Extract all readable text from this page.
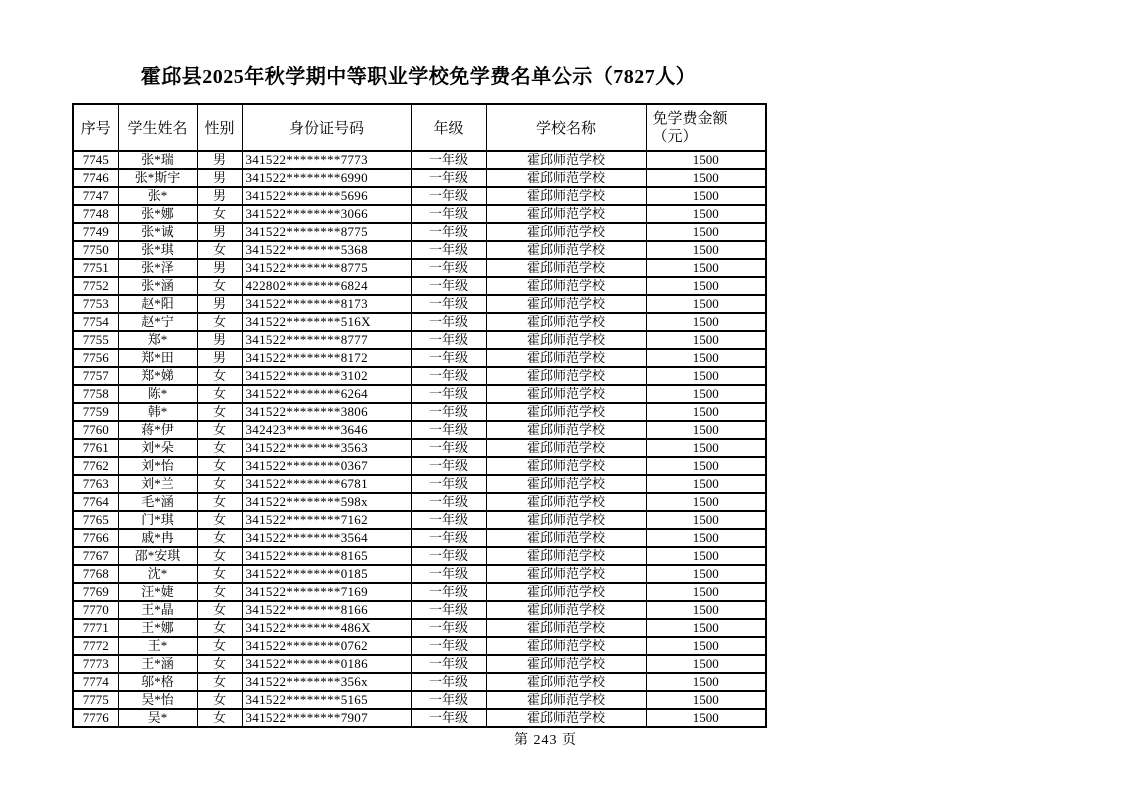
霍邱县2025年秋学期中等职业学校免学费名单公示（7827人）
序号	学生姓名	性别	身份证号码	年级	学校名称	免学费金额
（元）
7745	张*瑞	男	341522********7773	一年级	霍邱师范学校	1500
7746	张*斯宇	男	341522********6990	一年级	霍邱师范学校	1500
7747	张*	男	341522********5696	一年级	霍邱师范学校	1500
7748	张*娜	女	341522********3066	一年级	霍邱师范学校	1500
7749	张*诚	男	341522********8775	一年级	霍邱师范学校	1500
7750	张*琪	女	341522********5368	一年级	霍邱师范学校	1500
7751	张*泽	男	341522********8775	一年级	霍邱师范学校	1500
7752	张*涵	女	422802********6824	一年级	霍邱师范学校	1500
7753	赵*阳	男	341522********8173	一年级	霍邱师范学校	1500
7754	赵*宁	女	341522********516X	一年级	霍邱师范学校	1500
7755	郑*	男	341522********8777	一年级	霍邱师范学校	1500
7756	郑*田	男	341522********8172	一年级	霍邱师范学校	1500
7757	郑*娣	女	341522********3102	一年级	霍邱师范学校	1500
7758	陈*	女	341522********6264	一年级	霍邱师范学校	1500
7759	韩*	女	341522********3806	一年级	霍邱师范学校	1500
7760	蒋*伊	女	342423********3646	一年级	霍邱师范学校	1500
7761	刘*朵	女	341522********3563	一年级	霍邱师范学校	1500
7762	刘*怡	女	341522********0367	一年级	霍邱师范学校	1500
7763	刘*兰	女	341522********6781	一年级	霍邱师范学校	1500
7764	毛*涵	女	341522********598x	一年级	霍邱师范学校	1500
7765	门*琪	女	341522********7162	一年级	霍邱师范学校	1500
7766	戚*冉	女	341522********3564	一年级	霍邱师范学校	1500
7767	邵*安琪	女	341522********8165	一年级	霍邱师范学校	1500
7768	沈*	女	341522********0185	一年级	霍邱师范学校	1500
7769	汪*婕	女	341522********7169	一年级	霍邱师范学校	1500
7770	王*晶	女	341522********8166	一年级	霍邱师范学校	1500
7771	王*娜	女	341522********486X	一年级	霍邱师范学校	1500
7772	王*	女	341522********0762	一年级	霍邱师范学校	1500
7773	王*涵	女	341522********0186	一年级	霍邱师范学校	1500
7774	邬*格	女	341522********356x	一年级	霍邱师范学校	1500
7775	吴*怡	女	341522********5165	一年级	霍邱师范学校	1500
7776	吴*	女	341522********7907	一年级	霍邱师范学校	1500
第 243 页
